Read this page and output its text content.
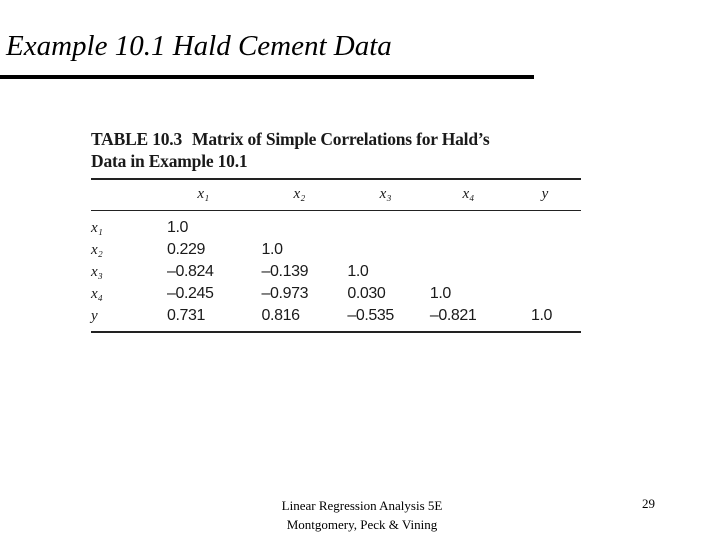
Example 10.1 Hald Cement Data
TABLE 10.3 Matrix of Simple Correlations for Hald’s
Data in Example 10.1
	x₁	x₂	x₃	x₄	y

x₁	1.0				
x₂	0.229	1.0			
x₃	–0.824	–0.139	1.0		
x₄	–0.245	–0.973	0.030	1.0	
y	0.731	0.816	–0.535	–0.821	1.0
Linear Regression Analysis 5E
Montgomery, Peck & Vining
29
